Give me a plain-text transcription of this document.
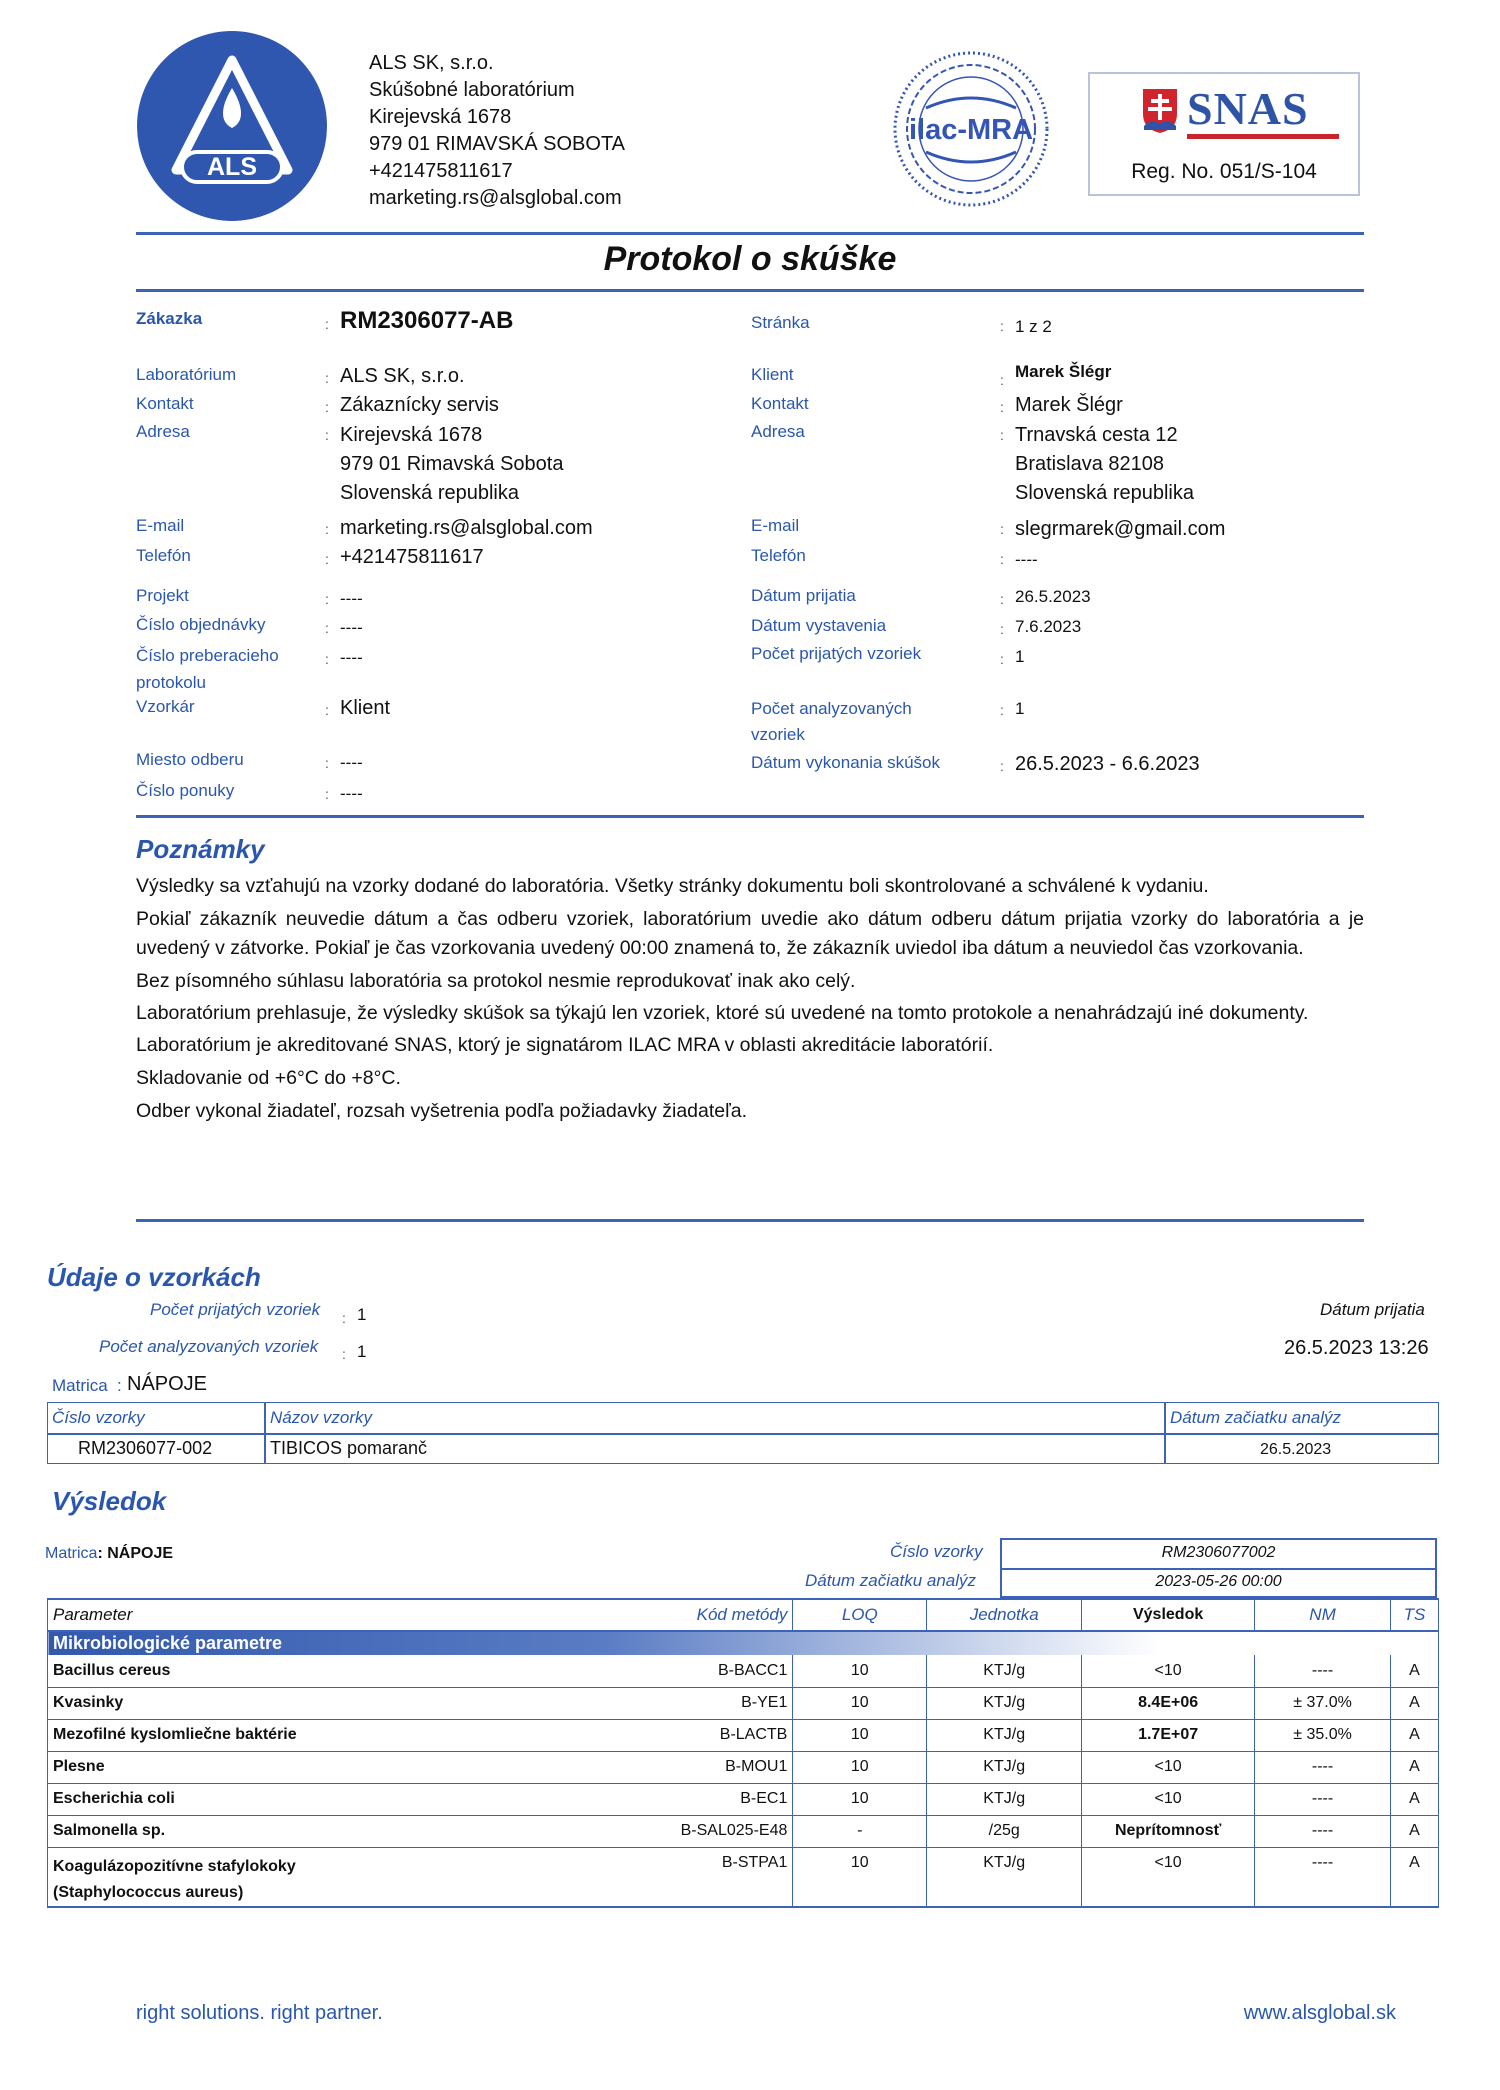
ALS
ALS SK, s.r.o.
Skúšobné laboratórium
Kirejevská 1678
979 01 RIMAVSKÁ SOBOTA
+421475811617
marketing.rs@alsglobal.com
ilac-MRA	SNAS
Reg. No. 051/S-104
Protokol o skúške
Zákazka	: RM2306077-AB
Laboratórium	: ALS SK, s.r.o.
Kontakt	: Zákaznícky servis
Adresa	: Kirejevská 1678
979 01 Rimavská Sobota
Slovenská republika
E-mail	: marketing.rs@alsglobal.com
Telefón	: +421475811617
Projekt	: ----
Číslo objednávky	: ----
Číslo preberacieho
protokolu
: ----
Vzorkár	: Klient
Miesto odberu	: ----
Číslo ponuky	: ----
Stránka	: 1 z 2
Klient	: Marek Šlégr
Kontakt	: Marek Šlégr
Adresa	: Trnavská cesta 12
Bratislava 82108
Slovenská republika
E-mail	: slegrmarek@gmail.com
Telefón	: ----
Dátum prijatia	: 26.5.2023
Dátum vystavenia	: 7.6.2023
Počet prijatých vzoriek	: 1
Počet analyzovaných
vzoriek
: 1
Dátum vykonania skúšok	: 26.5.2023 - 6.6.2023
Poznámky

Výsledky sa vzťahujú na vzorky dodané do laboratória. Všetky stránky dokumentu boli skontrolované a schválené k vydaniu.

Pokiaľ zákazník neuvedie dátum a čas odberu vzoriek, laboratórium uvedie ako dátum odberu dátum prijatia vzorky do laboratória a je uvedený v zátvorke. Pokiaľ je čas vzorkovania uvedený 00:00 znamená to, že zákazník uviedol iba dátum a neuviedol čas vzorkovania.

Bez písomného súhlasu laboratória sa protokol nesmie reprodukovať inak ako celý.

Laboratórium prehlasuje, že výsledky skúšok sa týkajú len vzoriek, ktoré sú uvedené na tomto protokole a nenahrádzajú iné dokumenty.

Laboratórium je akreditované SNAS, ktorý je signatárom ILAC MRA v oblasti akreditácie laboratórií.

Skladovanie od +6°C do +8°C.

Odber vykonal žiadateľ, rozsah vyšetrenia podľa požiadavky žiadateľa.

Údaje o vzorkách
Počet prijatých vzoriek : 1
Počet analyzovaných vzoriek : 1
Dátum prijatia
26.5.2023 13:26
Matrica : NÁPOJE
Číslo vzorky	Názov vzorky	Dátum začiatku analýz
RM2306077-002	TIBICOS pomaranč	26.5.2023
Výsledok
Matrica: NÁPOJE	Číslo vzorky
Dátum začiatku analýz
RM2306077002
2023-05-26 00:00
Parameter	Kód metódy	LOQ	Jednotka	Výsledok	NM	TS
Mikrobiologické parametre						
Bacillus cereus	B-BACC1	10	KTJ/g	<10	----	A
Kvasinky	B-YE1	10	KTJ/g	8.4E+06	± 37.0%	A
Mezofilné kyslomliečne baktérie	B-LACTB	10	KTJ/g	1.7E+07	± 35.0%	A
Plesne	B-MOU1	10	KTJ/g	<10	----	A
Escherichia coli	B-EC1	10	KTJ/g	<10	----	A
Salmonella sp.	B-SAL025-E48	-	/25g	Neprítomnosť	----	A

Koagulázopozitívne stafylokoky
(Staphylococcus aureus)	B-STPA1	10	KTJ/g	<10	----	A
right solutions. right partner.	www.alsglobal.sk
